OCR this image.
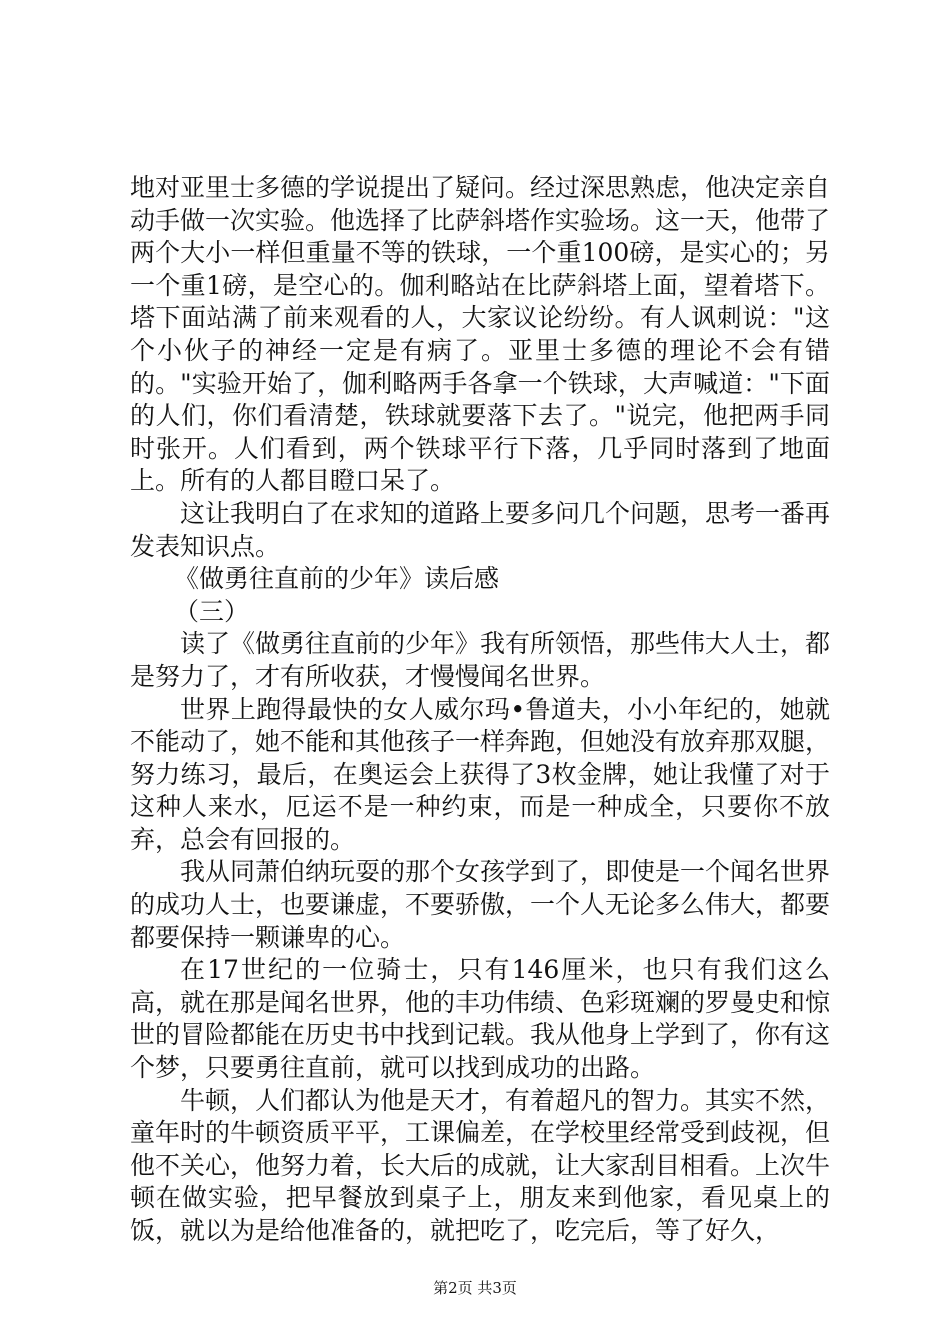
地对亚里士多德的学说提出了疑问。经过深思熟虑，他决定亲自动手做一次实验。他选择了比萨斜塔作实验场。这一天，他带了两个大小一样但重量不等的铁球，一个重100磅，是实心的；另一个重1磅，是空心的。伽利略站在比萨斜塔上面，望着塔下。塔下面站满了前来观看的人，大家议论纷纷。有人讽刺说："这个小伙子的神经一定是有病了。亚里士多德的理论不会有错的。"实验开始了，伽利略两手各拿一个铁球，大声喊道："下面的人们，你们看清楚，铁球就要落下去了。"说完，他把两手同时张开。人们看到，两个铁球平行下落，几乎同时落到了地面上。所有的人都目瞪口呆了。

这让我明白了在求知的道路上要多问几个问题，思考一番再发表知识点。

《做勇往直前的少年》读后感

（三）

读了《做勇往直前的少年》我有所领悟，那些伟大人士，都是努力了，才有所收获，才慢慢闻名世界。

世界上跑得最快的女人威尔玛•鲁道夫，小小年纪的，她就不能动了，她不能和其他孩子一样奔跑，但她没有放弃那双腿，努力练习，最后，在奥运会上获得了3枚金牌，她让我懂了对于这种人来水，厄运不是一种约束，而是一种成全，只要你不放弃，总会有回报的。

我从同萧伯纳玩耍的那个女孩学到了，即使是一个闻名世界的成功人士，也要谦虚，不要骄傲，一个人无论多么伟大，都要都要保持一颗谦卑的心。

在17世纪的一位骑士，只有146厘米，也只有我们这么高，就在那是闻名世界，他的丰功伟绩、色彩斑斓的罗曼史和惊世的冒险都能在历史书中找到记载。我从他身上学到了，你有这个梦，只要勇往直前，就可以找到成功的出路。

牛顿，人们都认为他是天才，有着超凡的智力。其实不然，童年时的牛顿资质平平，工课偏差，在学校里经常受到歧视，但他不关心，他努力着，长大后的成就，让大家刮目相看。上次牛顿在做实验，把早餐放到桌子上，朋友来到他家，看见桌上的饭，就以为是给他准备的，就把吃了，吃完后，等了好久，

第2页 共3页
